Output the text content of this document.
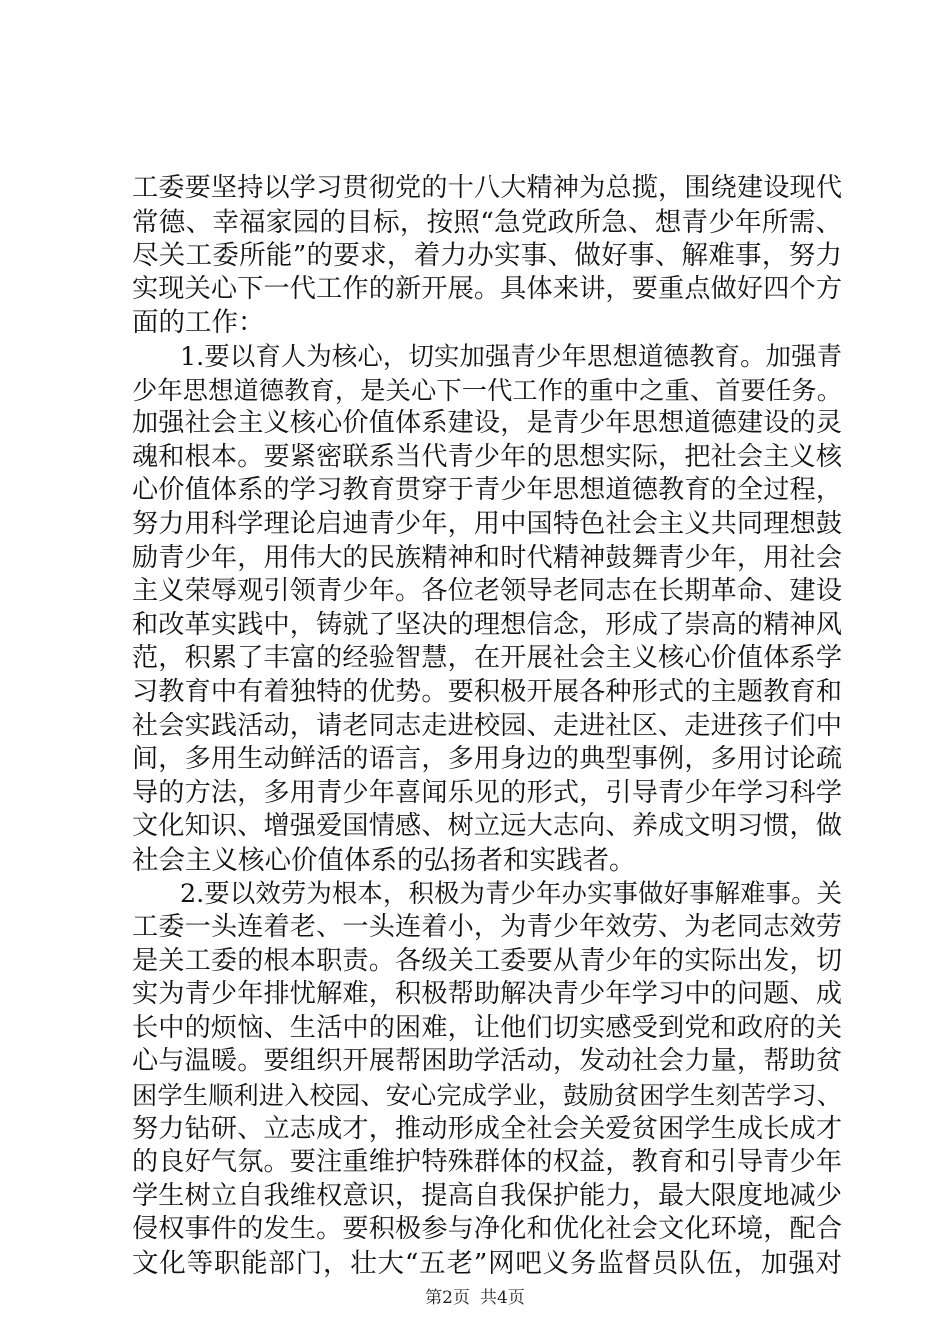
工委要坚持以学习贯彻党的十八大精神为总揽，围绕建设现代
常德、幸福家园的目标，按照“急党政所急、想青少年所需、
尽关工委所能”的要求，着力办实事、做好事、解难事，努力
实现关心下一代工作的新开展。具体来讲，要重点做好四个方
面的工作：
1.要以育人为核心，切实加强青少年思想道德教育。加强青
少年思想道德教育，是关心下一代工作的重中之重、首要任务。
加强社会主义核心价值体系建设，是青少年思想道德建设的灵
魂和根本。要紧密联系当代青少年的思想实际，把社会主义核
心价值体系的学习教育贯穿于青少年思想道德教育的全过程，
努力用科学理论启迪青少年，用中国特色社会主义共同理想鼓
励青少年，用伟大的民族精神和时代精神鼓舞青少年，用社会
主义荣辱观引领青少年。各位老领导老同志在长期革命、建设
和改革实践中，铸就了坚决的理想信念，形成了崇高的精神风
范，积累了丰富的经验智慧，在开展社会主义核心价值体系学
习教育中有着独特的优势。要积极开展各种形式的主题教育和
社会实践活动，请老同志走进校园、走进社区、走进孩子们中
间，多用生动鲜活的语言，多用身边的典型事例，多用讨论疏
导的方法，多用青少年喜闻乐见的形式，引导青少年学习科学
文化知识、增强爱国情感、树立远大志向、养成文明习惯，做
社会主义核心价值体系的弘扬者和实践者。
2.要以效劳为根本，积极为青少年办实事做好事解难事。关
工委一头连着老、一头连着小，为青少年效劳、为老同志效劳
是关工委的根本职责。各级关工委要从青少年的实际出发，切
实为青少年排忧解难，积极帮助解决青少年学习中的问题、成
长中的烦恼、生活中的困难，让他们切实感受到党和政府的关
心与温暖。要组织开展帮困助学活动，发动社会力量，帮助贫
困学生顺利进入校园、安心完成学业，鼓励贫困学生刻苦学习、
努力钻研、立志成才，推动形成全社会关爱贫困学生成长成才
的良好气氛。要注重维护特殊群体的权益，教育和引导青少年
学生树立自我维权意识，提高自我保护能力，最大限度地减少
侵权事件的发生。要积极参与净化和优化社会文化环境，配合
文化等职能部门，壮大“五老”网吧义务监督员队伍，加强对
第2页 共4页
